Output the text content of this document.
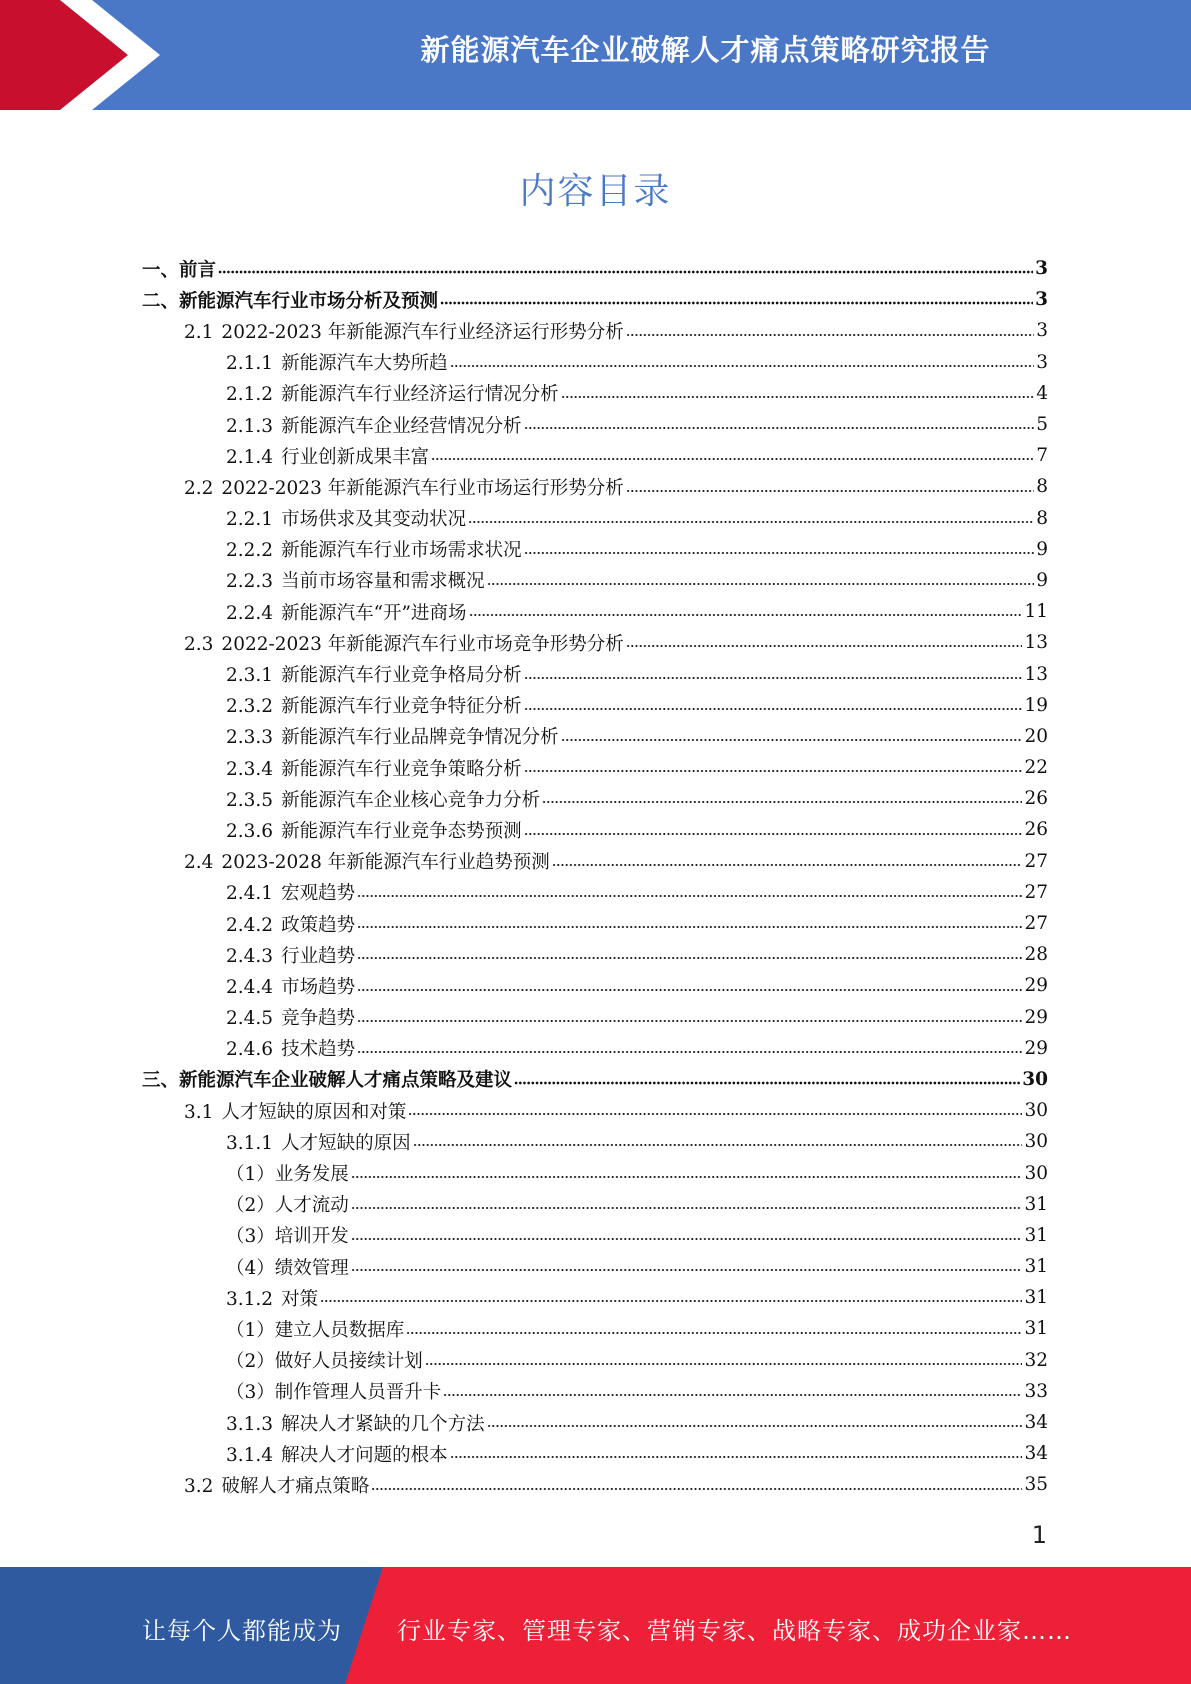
新能源汽车企业破解人才痛点策略研究报告
内容目录
一、前言	3
二、新能源汽车行业市场分析及预测	3
2.1 2022-2023 年新能源汽车行业经济运行形势分析	3
2.1.1 新能源汽车大势所趋	3
2.1.2 新能源汽车行业经济运行情况分析	4
2.1.3 新能源汽车企业经营情况分析	5
2.1.4 行业创新成果丰富	7
2.2 2022-2023 年新能源汽车行业市场运行形势分析	8
2.2.1 市场供求及其变动状况	8
2.2.2 新能源汽车行业市场需求状况	9
2.2.3 当前市场容量和需求概况	9
2.2.4 新能源汽车“开”进商场	11
2.3 2022-2023 年新能源汽车行业市场竞争形势分析	13
2.3.1 新能源汽车行业竞争格局分析	13
2.3.2 新能源汽车行业竞争特征分析	19
2.3.3 新能源汽车行业品牌竞争情况分析	20
2.3.4 新能源汽车行业竞争策略分析	22
2.3.5 新能源汽车企业核心竞争力分析	26
2.3.6 新能源汽车行业竞争态势预测	26
2.4 2023-2028 年新能源汽车行业趋势预测	27
2.4.1 宏观趋势	27
2.4.2 政策趋势	27
2.4.3 行业趋势	28
2.4.4 市场趋势	29
2.4.5 竞争趋势	29
2.4.6 技术趋势	29
三、新能源汽车企业破解人才痛点策略及建议	30
3.1 人才短缺的原因和对策	30
3.1.1 人才短缺的原因	30
（1）业务发展	30
（2）人才流动	31
（3）培训开发	31
（4）绩效管理	31
3.1.2 对策	31
（1）建立人员数据库	31
（2）做好人员接续计划	32
（3）制作管理人员晋升卡	33
3.1.3 解决人才紧缺的几个方法	34
3.1.4 解决人才问题的根本	34
3.2 破解人才痛点策略	35
1
让每个人都能成为 行业专家、管理专家、营销专家、战略专家、成功企业家……
